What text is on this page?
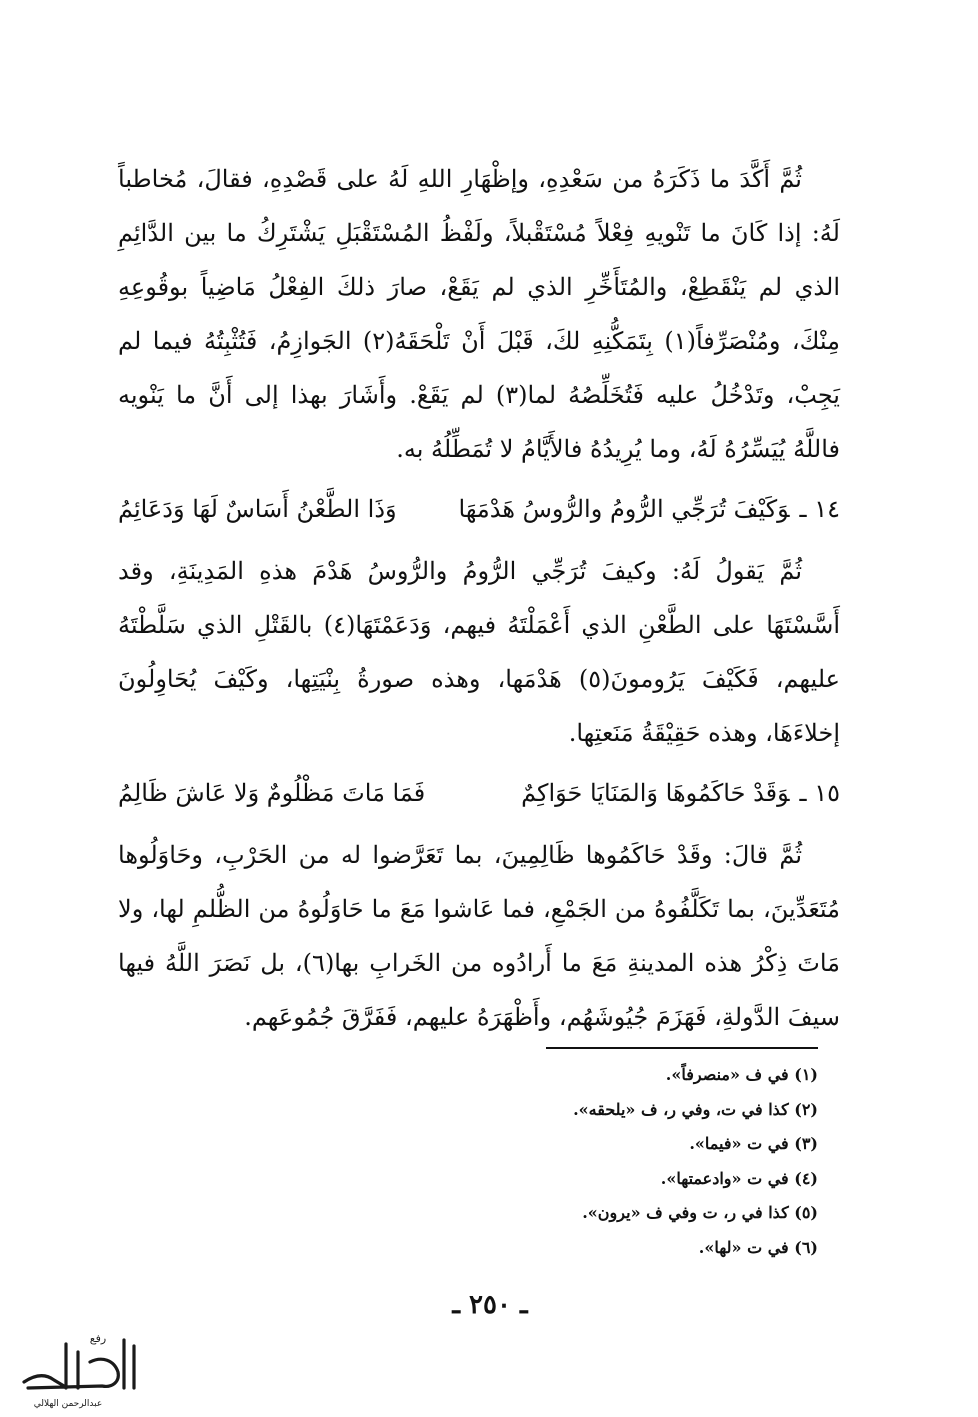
ثُمَّ أَكَّدَ ما ذَكَرَهُ من سَعْدِهِ، وإظْهَارِ اللهِ لَهُ على قَصْدِهِ، فقالَ، مُخاطباً لَهُ: إذا كَانَ ما تَنْويهِ فِعْلاً مُسْتَقْبلاً، ولَفْظُ المُسْتَقْبَلِ يَشْتَرِكُ ما بين الدَّائِمِ الذي لم يَنْقَطِعْ، والمُتَأَخِّرِ الذي لم يَقَعْ، صارَ ذلكَ الفِعْلُ مَاضِياً بوقُوعِهِ مِنْكَ، ومُنْصَرِّفاً(١) بِتَمَكُّنِهِ لكَ، قَبْلَ أَنْ تَلْحَقَهُ(٢) الجَوازِمُ، فَتُثْبِتُهُ فيما لم يَجِبْ، وتَدْخُلُ عليه فَتُخَلِّصُهُ لما(٣) لم يَقَعْ. وأَشَارَ بهذا إلى أَنَّ ما يَنْويه فاللَّهُ يُيَسِّرُهُ لَهُ، وما يُرِيدُهُ فالأَيَّامُ لا تُمَطِّلُهُ به.

١٤ ـوَكَيْفَ تُرَجِّي الرُّومُ والرُّوسُ هَدْمَهَا
وَذَا الطَّعْنُ أَسَاسٌ لَهَا وَدَعَائِمُ

ثُمَّ يَقولُ لَهُ: وكيفَ تُرَجِّي الرُّومُ والرُّوسُ هَدْمَ هذهِ المَدِينَةِ، وقد أَسَّسْتَهَا على الطَّعْنِ الذي أَعْمَلْتَهُ فيهم، وَدَعَمْتَهَا(٤) بالقَتْلِ الذي سَلَّطْتَهُ عليهم، فَكَيْفَ يَرُومونَ(٥) هَدْمَها، وهذه صورةُ بِنْيَتِها، وكَيْفَ يُحَاوِلُونَ إخلاءَهَا، وهذه حَقِيْقَةُ مَنَعتِها.

١٥ ـوَقَدْ حَاكَمُوهَا وَالمَنَايَا حَوَاكِمٌ
فَمَا مَاتَ مَظْلُومٌ وَلا عَاشَ ظَالِمُ

ثُمَّ قالَ: وقَدْ حَاكَمُوها ظَالِمِينَ، بما تَعَرَّضوا له من الحَرْبِ، وحَاوَلُوها مُتَعَدِّينَ، بما تَكَلَّفُوهُ من الجَمْعِ، فما عَاشوا مَعَ ما حَاوَلُوهُ من الظُّلمِ لها، ولا مَاتَ ذِكْرُ هذه المدينةِ مَعَ ما أَرادُوه من الخَرابِ بها(٦)، بل نَصَرَ اللَّهُ فيها سيفَ الدَّولةِ، فَهَزَمَ جُيُوشَهُم، وأَظْهَرَهُ عليهم، فَفَرَّقَ جُمُوعَهم.

(١) في ف «منصرفاً».

(٢) كذا في ت، وفي ر، ف «يلحقه».

(٣) في ت «فيما».

(٤) في ت «وادعمتها».

(٥) كذا في ر، ت وفي ف «يرون».

(٦) في ت «لها».

ـ ٢٥٠ ـ
رفع
المسبَرهم
عبدالرحمن الهلالي
